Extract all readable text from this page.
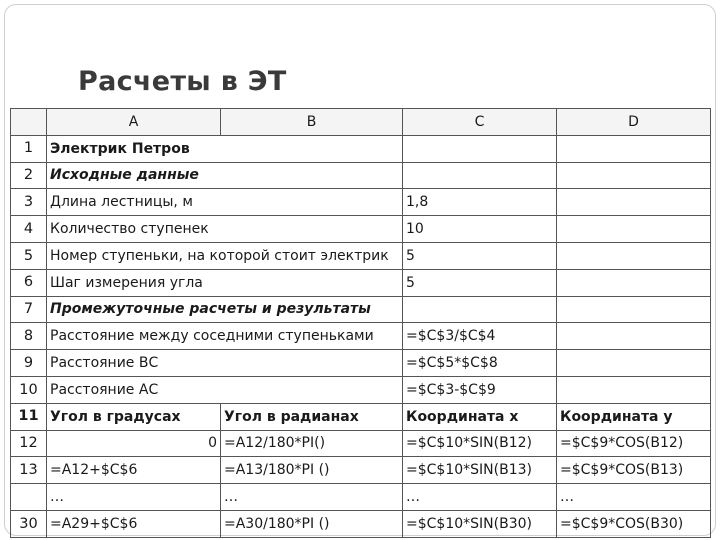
Расчеты в ЭТ
	A	B	C	D
1	Электрик Петров			
2	Исходные данные			
3	Длина лестницы, м		1,8	
4	Количество ступенек		10	
5	Номер ступеньки, на которой стоит электрик		5	
6	Шаг измерения угла		5	
7	Промежуточные расчеты и результаты			
8	Расстояние между соседними ступеньками		=$C$3/$C$4	
9	Расстояние ВС		=$C$5*$C$8	
10	Расстояние АС		=$C$3-$C$9	
11	Угол в градусах	Угол в радианах	Координата x	Координата y
12	0	=A12/180*PI()	=$C$10*SIN(B12)	=$C$9*COS(B12)
13	=A12+$C$6	=A13/180*PI ()	=$C$10*SIN(B13)	=$C$9*COS(B13)
	…	…	…	…
30	=A29+$C$6	=A30/180*PI ()	=$C$10*SIN(B30)	=$C$9*COS(B30)
